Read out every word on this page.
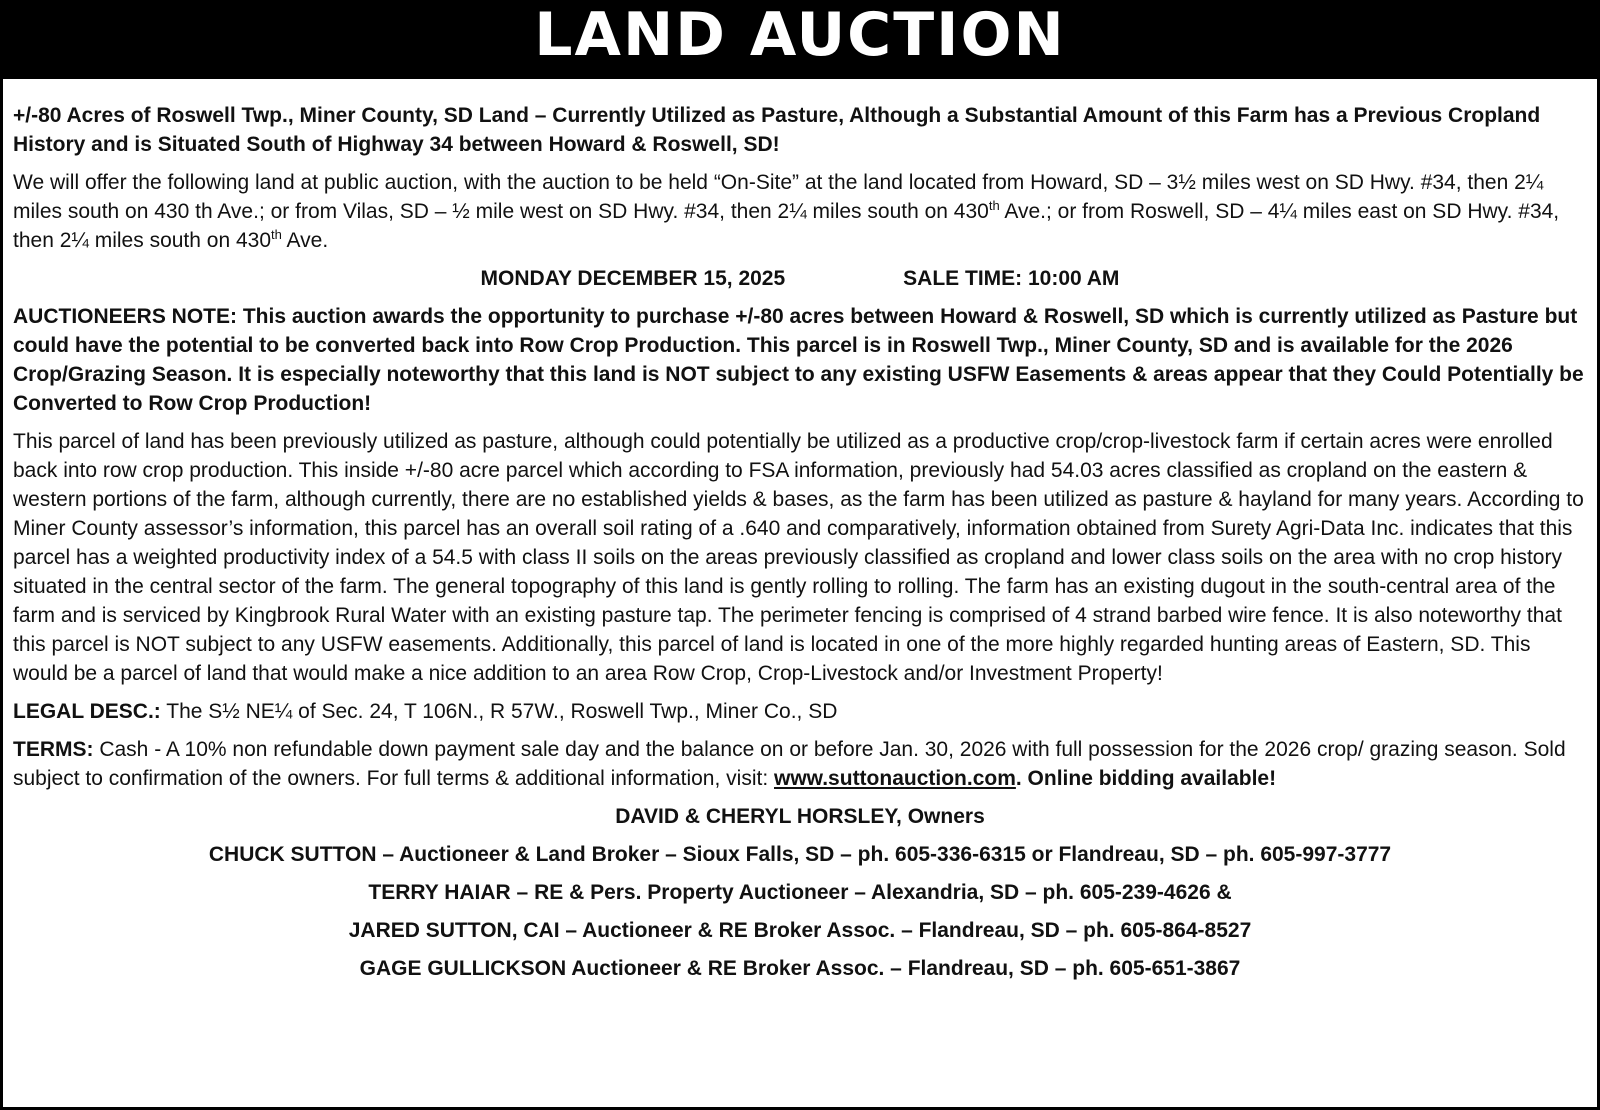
LAND AUCTION

+/-80 Acres of Roswell Twp., Miner County, SD Land – Currently Utilized as Pasture, Although a Substantial Amount of this Farm has a Previous Cropland History and is Situated South of Highway 34 between Howard & Roswell, SD!

We will offer the following land at public auction, with the auction to be held “On-Site” at the land located from Howard, SD – 3½ miles west on SD Hwy. #34, then 2¼ miles south on 430 th Ave.; or from Vilas, SD – ½ mile west on SD Hwy. #34, then 2¼ miles south on 430th Ave.; or from Roswell, SD – 4¼ miles east on SD Hwy. #34, then 2¼ miles south on 430th Ave.

MONDAY DECEMBER 15, 2025	SALE TIME: 10:00 AM

AUCTIONEERS NOTE: This auction awards the opportunity to purchase +/-80 acres between Howard & Roswell, SD which is currently utilized as Pasture but could have the potential to be converted back into Row Crop Production. This parcel is in Roswell Twp., Miner County, SD and is available for the 2026 Crop/Grazing Season. It is especially noteworthy that this land is NOT subject to any existing USFW Easements & areas appear that they Could Potentially be Converted to Row Crop Production!

This parcel of land has been previously utilized as pasture, although could potentially be utilized as a productive crop/crop-livestock farm if certain acres were enrolled back into row crop production. This inside +/-80 acre parcel which according to FSA information, previously had 54.03 acres classified as cropland on the eastern & western portions of the farm, although currently, there are no established yields & bases, as the farm has been utilized as pasture & hayland for many years. According to Miner County assessor’s information, this parcel has an overall soil rating of a .640 and comparatively, information obtained from Surety Agri-Data Inc. indicates that this parcel has a weighted productivity index of a 54.5 with class II soils on the areas previously classified as cropland and lower class soils on the area with no crop history situated in the central sector of the farm. The general topography of this land is gently rolling to rolling. The farm has an existing dugout in the south-central area of the farm and is serviced by Kingbrook Rural Water with an existing pasture tap. The perimeter fencing is comprised of 4 strand barbed wire fence. It is also noteworthy that this parcel is NOT subject to any USFW easements. Additionally, this parcel of land is located in one of the more highly regarded hunting areas of Eastern, SD. This would be a parcel of land that would make a nice addition to an area Row Crop, Crop-Livestock and/or Investment Property!

LEGAL DESC.: The S½ NE¼ of Sec. 24, T 106N., R 57W., Roswell Twp., Miner Co., SD

TERMS: Cash - A 10% non refundable down payment sale day and the balance on or before Jan. 30, 2026 with full possession for the 2026 crop/ grazing season. Sold subject to confirmation of the owners. For full terms & additional information, visit: www.suttonauction.com. Online bidding available!

DAVID & CHERYL HORSLEY, Owners
CHUCK SUTTON – Auctioneer & Land Broker – Sioux Falls, SD – ph. 605-336-6315 or Flandreau, SD – ph. 605-997-3777
TERRY HAIAR – RE & Pers. Property Auctioneer – Alexandria, SD – ph. 605-239-4626 &
JARED SUTTON, CAI – Auctioneer & RE Broker Assoc. – Flandreau, SD – ph. 605-864-8527
GAGE GULLICKSON Auctioneer & RE Broker Assoc. – Flandreau, SD – ph. 605-651-3867
